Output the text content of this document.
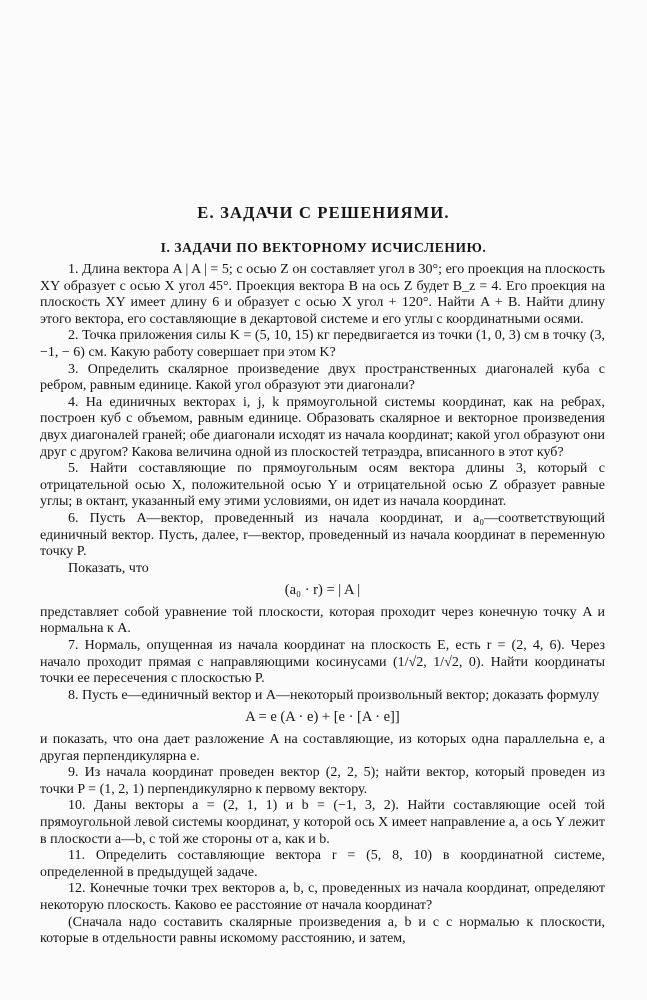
Е. ЗАДАЧИ С РЕШЕНИЯМИ.
I. ЗАДАЧИ ПО ВЕКТОРНОМУ ИСЧИСЛЕНИЮ.

1. Длина вектора A | A | = 5; с осью Z он составляет угол в 30°; его проекция на плоскость XY образует с осью X угол 45°. Проекция вектора B на ось Z будет B_z = 4. Его проекция на плоскость XY имеет длину 6 и образует с осью X угол + 120°. Найти A + B. Найти длину этого вектора, его составляющие в декартовой системе и его углы с координатными осями.

2. Точка приложения силы K = (5, 10, 15) кг передвигается из точки (1, 0, 3) см в точку (3, −1, − 6) см. Какую работу совершает при этом K?

3. Определить скалярное произведение двух пространственных диагоналей куба с ребром, равным единице. Какой угол образуют эти диагонали?

4. На единичных векторах i, j, k прямоугольной системы координат, как на ребрах, построен куб с объемом, равным единице. Образовать скалярное и векторное произведения двух диагоналей граней; обе диагонали исходят из начала координат; какой угол образуют они друг с другом? Какова величина одной из плоскостей тетраэдра, вписанного в этот куб?

5. Найти составляющие по прямоугольным осям вектора длины 3, который с отрицательной осью X, положительной осью Y и отрицательной осью Z образует равные углы; в октант, указанный ему этими условиями, он идет из начала координат.

6. Пусть A—вектор, проведенный из начала координат, и a₀—соответствующий единичный вектор. Пусть, далее, r—вектор, проведенный из начала координат в переменную точку P.

Показать, что

(a₀ · r) = | A |

представляет собой уравнение той плоскости, которая проходит через конечную точку A и нормальна к A.

7. Нормаль, опущенная из начала координат на плоскость E, есть r = (2, 4, 6). Через начало проходит прямая с направляющими косинусами (1/√2, 1/√2, 0). Найти координаты точки ее пересечения с плоскостью P.

8. Пусть e—единичный вектор и A—некоторый произвольный вектор; доказать формулу

A = e (A · e) + [e · [A · e]]

и показать, что она дает разложение A на составляющие, из которых одна параллельна e, а другая перпендикулярна e.

9. Из начала координат проведен вектор (2, 2, 5); найти вектор, который проведен из точки P = (1, 2, 1) перпендикулярно к первому вектору.

10. Даны векторы a = (2, 1, 1) и b = (−1, 3, 2). Найти составляющие осей той прямоугольной левой системы координат, у которой ось X имеет направление a, а ось Y лежит в плоскости a—b, с той же стороны от a, как и b.

11. Определить составляющие вектора r = (5, 8, 10) в координатной системе, определенной в предыдущей задаче.

12. Конечные точки трех векторов a, b, c, проведенных из начала координат, определяют некоторую плоскость. Каково ее расстояние от начала координат?

(Сначала надо составить скалярные произведения a, b и c с нормалью к плоскости, которые в отдельности равны искомому расстоянию, и затем,
